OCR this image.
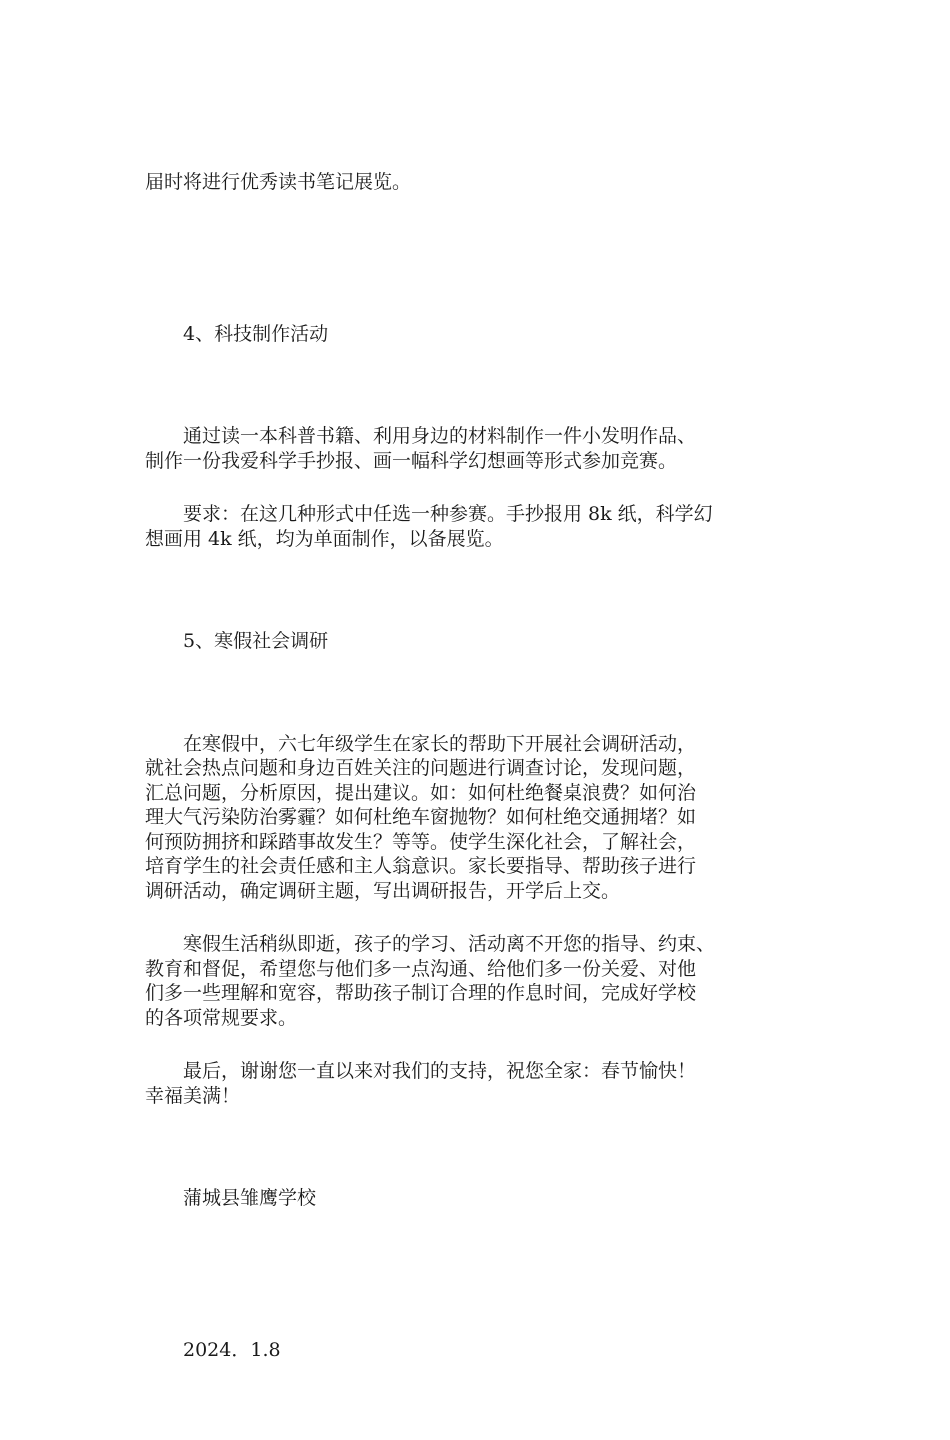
届时将进行优秀读书笔记展览。

4、科技制作活动

通过读一本科普书籍、利用身边的材料制作一件小发明作品、
制作一份我爱科学手抄报、画一幅科学幻想画等形式参加竞赛。

要求：在这几种形式中任选一种参赛。手抄报用 8k 纸，科学幻
想画用 4k 纸，均为单面制作，以备展览。

5、寒假社会调研

在寒假中，六七年级学生在家长的帮助下开展社会调研活动，
就社会热点问题和身边百姓关注的问题进行调查讨论，发现问题，
汇总问题，分析原因，提出建议。如：如何杜绝餐桌浪费？如何治
理大气污染防治雾霾？如何杜绝车窗抛物？如何杜绝交通拥堵？如
何预防拥挤和踩踏事故发生？等等。使学生深化社会，了解社会，
培育学生的社会责任感和主人翁意识。家长要指导、帮助孩子进行
调研活动，确定调研主题，写出调研报告，开学后上交。

寒假生活稍纵即逝，孩子的学习、活动离不开您的指导、约束、
教育和督促，希望您与他们多一点沟通、给他们多一份关爱、对他
们多一些理解和宽容，帮助孩子制订合理的作息时间，完成好学校
的各项常规要求。

最后，谢谢您一直以来对我们的支持，祝您全家：春节愉快！
幸福美满！

蒲城县雏鹰学校

2024．1.8
